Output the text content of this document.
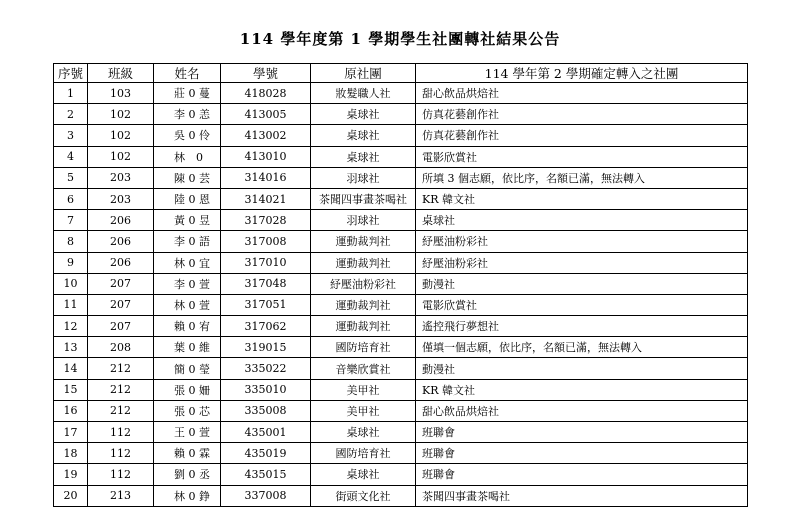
114 學年度第 1 學期學生社團轉社結果公告
序號	班級	姓名	學號	原社團	114 學年第 2 學期確定轉入之社團
1	103	莊 0 蔓	418028	妝髮職人社	甜心飲品烘焙社
2	102	李 0 恙	413005	桌球社	仿真花藝創作社
3	102	吳 0 伶	413002	桌球社	仿真花藝創作社
4	102	林　0	413010	桌球社	電影欣賞社
5	203	陳 0 芸	314016	羽球社	所填 3 個志願，依比序，名額已滿，無法轉入
6	203	陸 0 恩	314021	茶聞四事畫茶喝社	KR 韓文社
7	206	黃 0 昱	317028	羽球社	桌球社
8	206	李 0 語	317008	運動裁判社	紓壓油粉彩社
9	206	林 0 宜	317010	運動裁判社	紓壓油粉彩社
10	207	李 0 萱	317048	紓壓油粉彩社	動漫社
11	207	林 0 萱	317051	運動裁判社	電影欣賞社
12	207	賴 0 宥	317062	運動裁判社	遙控飛行夢想社
13	208	葉 0 維	319015	國防培育社	僅填一個志願，依比序，名額已滿，無法轉入
14	212	簡 0 瑩	335022	音樂欣賞社	動漫社
15	212	張 0 姍	335010	美甲社	KR 韓文社
16	212	張 0 芯	335008	美甲社	甜心飲品烘焙社
17	112	王 0 萱	435001	桌球社	班聯會
18	112	賴 0 霖	435019	國防培育社	班聯會
19	112	劉 0 丞	435015	桌球社	班聯會
20	213	林 0 錚	337008	街頭文化社	茶聞四事畫茶喝社
